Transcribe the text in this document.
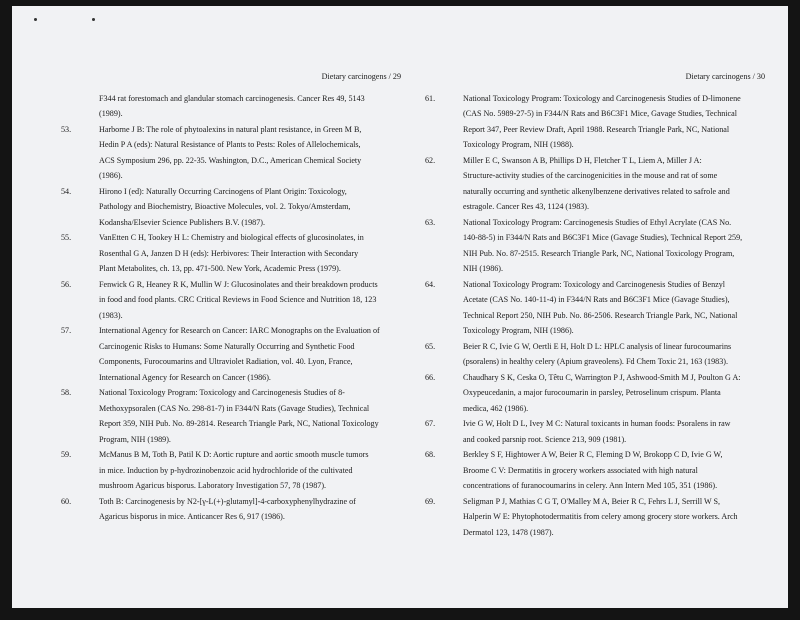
Dietary carcinogens / 29
F344 rat forestomach and glandular stomach carcinogenesis. Cancer Res 49, 5143
(1989).
53.	Harborne J B: The role of phytoalexins in natural plant resistance, in Green M B,
Hedin P A (eds): Natural Resistance of Plants to Pests: Roles of Allelochemicals,
ACS Symposium 296, pp. 22-35. Washington, D.C., American Chemical Society
(1986).
54.	Hirono I (ed): Naturally Occurring Carcinogens of Plant Origin: Toxicology,
Pathology and Biochemistry, Bioactive Molecules, vol. 2. Tokyo/Amsterdam,
Kodansha/Elsevier Science Publishers B.V. (1987).
55.	VanEtten C H, Tookey H L: Chemistry and biological effects of glucosinolates, in
Rosenthal G A, Janzen D H (eds): Herbivores: Their Interaction with Secondary
Plant Metabolites, ch. 13, pp. 471-500. New York, Academic Press (1979).
56.	Fenwick G R, Heaney R K, Mullin W J: Glucosinolates and their breakdown products
in food and food plants. CRC Critical Reviews in Food Science and Nutrition 18, 123
(1983).
57.	International Agency for Research on Cancer: IARC Monographs on the Evaluation of
Carcinogenic Risks to Humans: Some Naturally Occurring and Synthetic Food
Components, Furocoumarins and Ultraviolet Radiation, vol. 40. Lyon, France,
International Agency for Research on Cancer (1986).
58.	National Toxicology Program: Toxicology and Carcinogenesis Studies of 8-
Methoxypsoralen (CAS No. 298-81-7) in F344/N Rats (Gavage Studies), Technical
Report 359, NIH Pub. No. 89-2814. Research Triangle Park, NC, National Toxicology
Program, NIH (1989).
59.	McManus B M, Toth B, Patil K D: Aortic rupture and aortic smooth muscle tumors
in mice. Induction by p-hydrozinobenzoic acid hydrochloride of the cultivated
mushroom Agaricus bisporus. Laboratory Investigation 57, 78 (1987).
60.	Toth B: Carcinogenesis by N2-[γ-L(+)-glutamyl]-4-carboxyphenylhydrazine of
Agaricus bisporus in mice. Anticancer Res 6, 917 (1986).
Dietary carcinogens / 30
61.	National Toxicology Program: Toxicology and Carcinogenesis Studies of D-limonene
(CAS No. 5989-27-5) in F344/N Rats and B6C3F1 Mice, Gavage Studies, Technical
Report 347, Peer Review Draft, April 1988. Research Triangle Park, NC, National
Toxicology Program, NIH (1988).
62.	Miller E C, Swanson A B, Phillips D H, Fletcher T L, Liem A, Miller J A:
Structure-activity studies of the carcinogenicities in the mouse and rat of some
naturally occurring and synthetic alkenylbenzene derivatives related to safrole and
estragole. Cancer Res 43, 1124 (1983).
63.	National Toxicology Program: Carcinogenesis Studies of Ethyl Acrylate (CAS No.
140-88-5) in F344/N Rats and B6C3F1 Mice (Gavage Studies), Technical Report 259,
NIH Pub. No. 87-2515. Research Triangle Park, NC, National Toxicology Program,
NIH (1986).
64.	National Toxicology Program: Toxicology and Carcinogenesis Studies of Benzyl
Acetate (CAS No. 140-11-4) in F344/N Rats and B6C3F1 Mice (Gavage Studies),
Technical Report 250, NIH Pub. No. 86-2506. Research Triangle Park, NC, National
Toxicology Program, NIH (1986).
65.	Beier R C, Ivie G W, Oertli E H, Holt D L: HPLC analysis of linear furocoumarins
(psoralens) in healthy celery (Apium graveolens). Fd Chem Toxic 21, 163 (1983).
66.	Chaudhary S K, Ceska O, Têtu C, Warrington P J, Ashwood-Smith M J, Poulton G A:
Oxypeucedanin, a major furocoumarin in parsley, Petroselinum crispum. Planta
medica, 462 (1986).
67.	Ivie G W, Holt D L, Ivey M C: Natural toxicants in human foods: Psoralens in raw
and cooked parsnip root. Science 213, 909 (1981).
68.	Berkley S F, Hightower A W, Beier R C, Fleming D W, Brokopp C D, Ivie G W,
Broome C V: Dermatitis in grocery workers associated with high natural
concentrations of furanocoumarins in celery. Ann Intern Med 105, 351 (1986).
69.	Seligman P J, Mathias C G T, O'Malley M A, Beier R C, Fehrs L J, Serrill W S,
Halperin W E: Phytophotodermatitis from celery among grocery store workers. Arch
Dermatol 123, 1478 (1987).
